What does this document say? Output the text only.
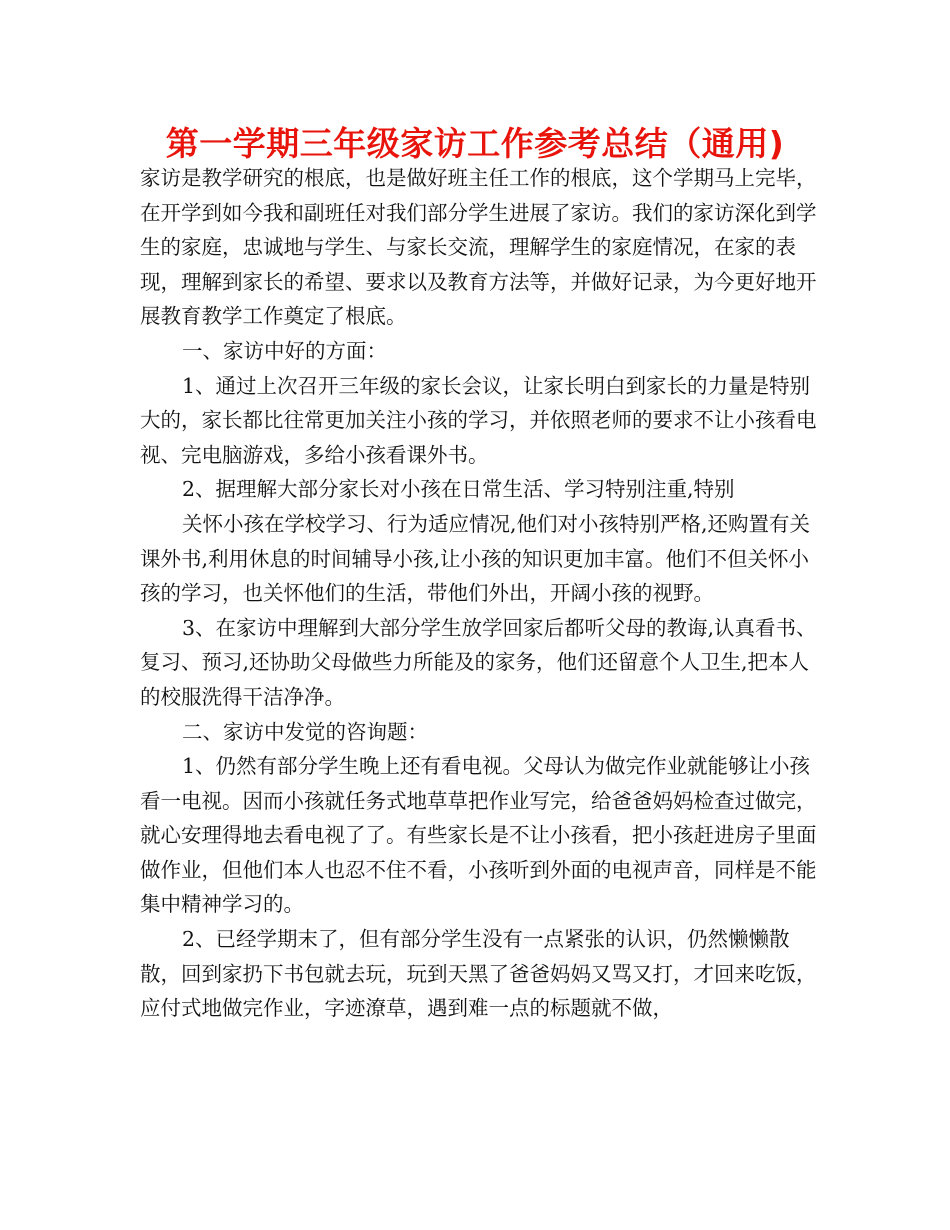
第一学期三年级家访工作参考总结（通用)

家访是教学研究的根底，也是做好班主任工作的根底，这个学期马上完毕，在开学到如今我和副班任对我们部分学生进展了家访。我们的家访深化到学生的家庭，忠诚地与学生、与家长交流，理解学生的家庭情况，在家的表现，理解到家长的希望、要求以及教育方法等，并做好记录，为今更好地开展教育教学工作奠定了根底。

一、家访中好的方面：

1、通过上次召开三年级的家长会议，让家长明白到家长的力量是特别大的，家长都比往常更加关注小孩的学习，并依照老师的要求不让小孩看电视、完电脑游戏，多给小孩看课外书。

2、据理解大部分家长对小孩在日常生活、学习特别注重,特别

关怀小孩在学校学习、行为适应情况,他们对小孩特别严格,还购置有关课外书,利用休息的时间辅导小孩,让小孩的知识更加丰富。他们不但关怀小孩的学习，也关怀他们的生活，带他们外出，开阔小孩的视野。

3、在家访中理解到大部分学生放学回家后都听父母的教诲,认真看书、复习、预习,还协助父母做些力所能及的家务，他们还留意个人卫生,把本人的校服洗得干洁净净。

二、家访中发觉的咨询题：

1、仍然有部分学生晚上还有看电视。父母认为做完作业就能够让小孩看一电视。因而小孩就任务式地草草把作业写完，给爸爸妈妈检查过做完，就心安理得地去看电视了了。有些家长是不让小孩看，把小孩赶进房子里面做作业，但他们本人也忍不住不看，小孩听到外面的电视声音，同样是不能集中精神学习的。

2、已经学期末了，但有部分学生没有一点紧张的认识，仍然懒懒散散，回到家扔下书包就去玩，玩到天黑了爸爸妈妈又骂又打，才回来吃饭，应付式地做完作业，字迹潦草，遇到难一点的标题就不做，
